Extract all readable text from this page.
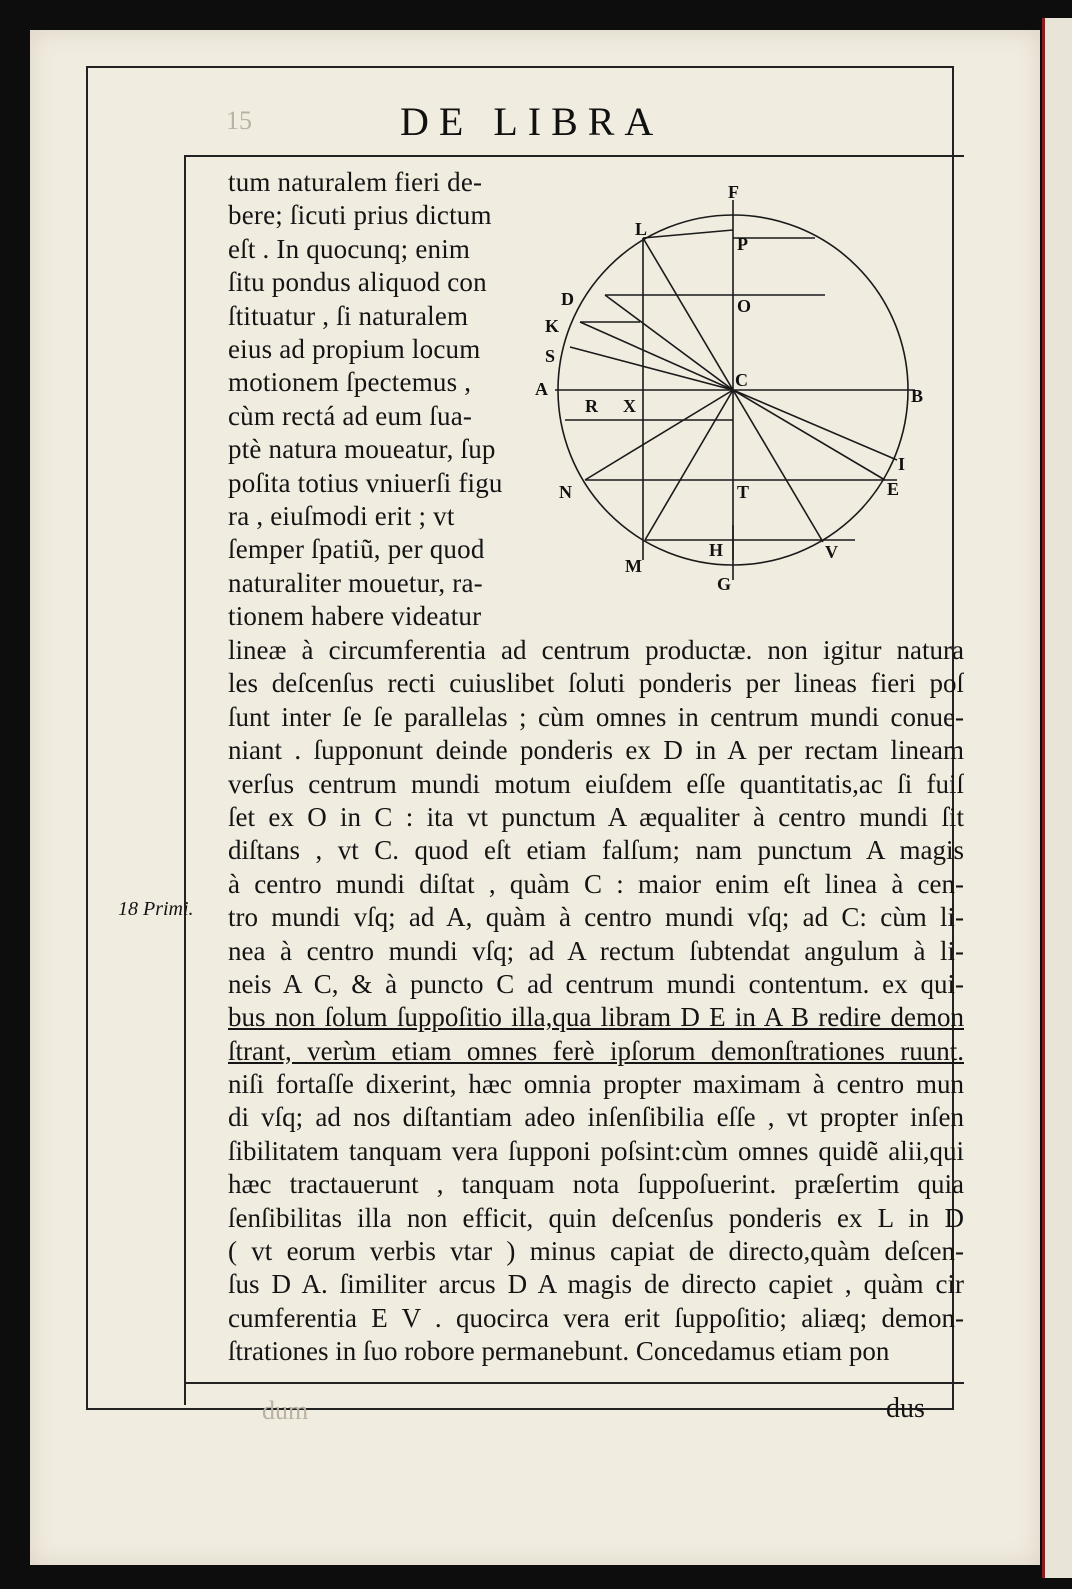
15
dum
DE LIBRA
F
L
P
D	O
K
S
A	C
B
R X
I
N	E
T
M
H	V
G
tum naturalem fieri de-
bere; ſicuti prius dictum
eſt . In quocunq; enim
ſitu pondus aliquod con
ſtituatur , ſi naturalem
eius ad propium locum
motionem ſpectemus ,
cùm rectá ad eum ſua-
ptè natura moueatur, ſup
poſita totius vniuerſi figu
ra , eiuſmodi erit ; vt
ſemper ſpatiũ, per quod
naturaliter mouetur, ra-
tionem habere videatur
lineæ à circumferentia ad centrum productæ. non igitur natura
les deſcenſus recti cuiuslibet ſoluti ponderis per lineas fieri poſ
ſunt inter ſe ſe parallelas ; cùm omnes in centrum mundi conue-
niant . ſupponunt deinde ponderis ex D in A per rectam lineam
verſus centrum mundi motum eiuſdem eſſe quantitatis,ac ſi fuiſ
ſet ex O in C : ita vt punctum A æqualiter à centro mundi ſit
diſtans , vt C. quod eſt etiam falſum; nam punctum A magis
à centro mundi diſtat , quàm C : maior enim eſt linea à cen-
tro mundi vſq; ad A, quàm à centro mundi vſq; ad C: cùm li-
nea à centro mundi vſq; ad A rectum ſubtendat angulum à li-
neis A C, & à puncto C ad centrum mundi contentum. ex qui-
bus non ſolum ſuppoſitio illa,qua libram D E in A B redire demon
ſtrant, verùm etiam omnes ferè ipſorum demonſtrationes ruunt.
niſi fortaſſe dixerint, hæc omnia propter maximam à centro mun
di vſq; ad nos diſtantiam adeo inſenſibilia eſſe , vt propter inſen
ſibilitatem tanquam vera ſupponi poſsint:cùm omnes quidẽ alii,qui
hæc tractauerunt , tanquam nota ſuppoſuerint. præſertim quia
ſenſibilitas illa non efficit, quin deſcenſus ponderis ex L in D
( vt eorum verbis vtar ) minus capiat de directo,quàm deſcen-
ſus D A. ſimiliter arcus D A magis de directo capiet , quàm cir
cumferentia E V . quocirca vera erit ſuppoſitio; aliæq; demon-
ſtrationes in ſuo robore permanebunt. Concedamus etiam pon
18 Primi.
dus
